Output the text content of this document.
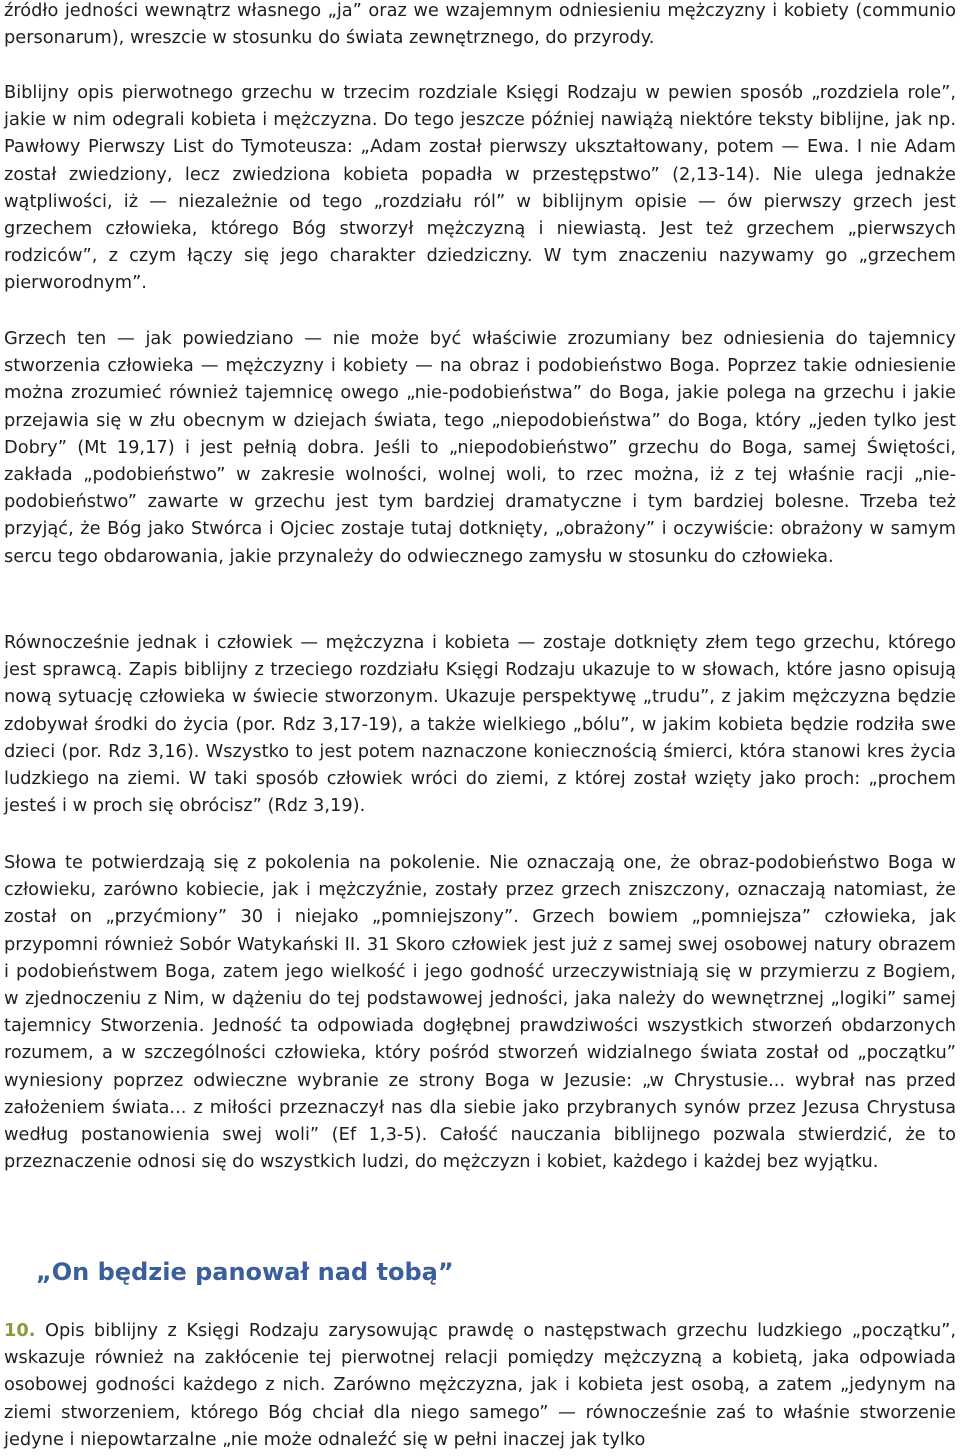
źródło jedności wewnątrz własnego „ja” oraz we wzajemnym odniesieniu mężczyzny i kobiety (communio personarum), wreszcie w stosunku do świata zewnętrznego, do przyrody.

Biblijny opis pierwotnego grzechu w trzecim rozdziale Księgi Rodzaju w pewien sposób „rozdziela role”, jakie w nim odegrali kobieta i mężczyzna. Do tego jeszcze później nawiążą niektóre teksty biblijne, jak np. Pawłowy Pierwszy List do Tymoteusza: „Adam został pierwszy ukształtowany, potem — Ewa. I nie Adam został zwiedziony, lecz zwiedziona kobieta popadła w przestępstwo” (2,13-14). Nie ulega jednakże wątpliwości, iż — niezależnie od tego „rozdziału ról” w biblijnym opisie — ów pierwszy grzech jest grzechem człowieka, którego Bóg stworzył mężczyzną i niewiastą. Jest też grzechem „pierwszych rodziców”, z czym łączy się jego charakter dziedziczny. W tym znaczeniu nazywamy go „grzechem pierworodnym”.

Grzech ten — jak powiedziano — nie może być właściwie zrozumiany bez odniesienia do tajemnicy stworzenia człowieka — mężczyzny i kobiety — na obraz i podobieństwo Boga. Poprzez takie odniesienie można zrozumieć również tajemnicę owego „nie-podobieństwa” do Boga, jakie polega na grzechu i jakie przejawia się w złu obecnym w dziejach świata, tego „niepodobieństwa” do Boga, który „jeden tylko jest Dobry” (Mt 19,17) i jest pełnią dobra. Jeśli to „niepodobieństwo” grzechu do Boga, samej Świętości, zakłada „podobieństwo” w zakresie wolności, wolnej woli, to rzec można, iż z tej właśnie racji „nie-podobieństwo” zawarte w grzechu jest tym bardziej dramatyczne i tym bardziej bolesne. Trzeba też przyjąć, że Bóg jako Stwórca i Ojciec zostaje tutaj dotknięty, „obrażony” i oczywiście: obrażony w samym sercu tego obdarowania, jakie przynależy do odwiecznego zamysłu w stosunku do człowieka.

Równocześnie jednak i człowiek — mężczyzna i kobieta — zostaje dotknięty złem tego grzechu, którego jest sprawcą. Zapis biblijny z trzeciego rozdziału Księgi Rodzaju ukazuje to w słowach, które jasno opisują nową sytuację człowieka w świecie stworzonym. Ukazuje perspektywę „trudu”, z jakim mężczyzna będzie zdobywał środki do życia (por. Rdz 3,17-19), a także wielkiego „bólu”, w jakim kobieta będzie rodziła swe dzieci (por. Rdz 3,16). Wszystko to jest potem naznaczone koniecznością śmierci, która stanowi kres życia ludzkiego na ziemi. W taki sposób człowiek wróci do ziemi, z której został wzięty jako proch: „prochem jesteś i w proch się obrócisz” (Rdz 3,19).

Słowa te potwierdzają się z pokolenia na pokolenie. Nie oznaczają one, że obraz-podobieństwo Boga w człowieku, zarówno kobiecie, jak i mężczyźnie, zostały przez grzech zniszczony, oznaczają natomiast, że został on „przyćmiony” 30 i niejako „pomniejszony”. Grzech bowiem „pomniejsza” człowieka, jak przypomni również Sobór Watykański II. 31 Skoro człowiek jest już z samej swej osobowej natury obrazem i podobieństwem Boga, zatem jego wielkość i jego godność urzeczywistniają się w przymierzu z Bogiem, w zjednoczeniu z Nim, w dążeniu do tej podstawowej jedności, jaka należy do wewnętrznej „logiki” samej tajemnicy Stworzenia. Jedność ta odpowiada dogłębnej prawdziwości wszystkich stworzeń obdarzonych rozumem, a w szczególności człowieka, który pośród stworzeń widzialnego świata został od „początku” wyniesiony poprzez odwieczne wybranie ze strony Boga w Jezusie: „w Chrystusie... wybrał nas przed założeniem świata... z miłości przeznaczył nas dla siebie jako przybranych synów przez Jezusa Chrystusa według postanowienia swej woli” (Ef 1,3-5). Całość nauczania biblijnego pozwala stwierdzić, że to przeznaczenie odnosi się do wszystkich ludzi, do mężczyzn i kobiet, każdego i każdej bez wyjątku.

„On będzie panował nad tobą”

10. Opis biblijny z Księgi Rodzaju zarysowując prawdę o następstwach grzechu ludzkiego „początku”, wskazuje również na zakłócenie tej pierwotnej relacji pomiędzy mężczyzną a kobietą, jaka odpowiada osobowej godności każdego z nich. Zarówno mężczyzna, jak i kobieta jest osobą, a zatem „jedynym na ziemi stworzeniem, którego Bóg chciał dla niego samego” — równocześnie zaś to właśnie stworzenie jedyne i niepowtarzalne „nie może odnaleźć się w pełni inaczej jak tylko
